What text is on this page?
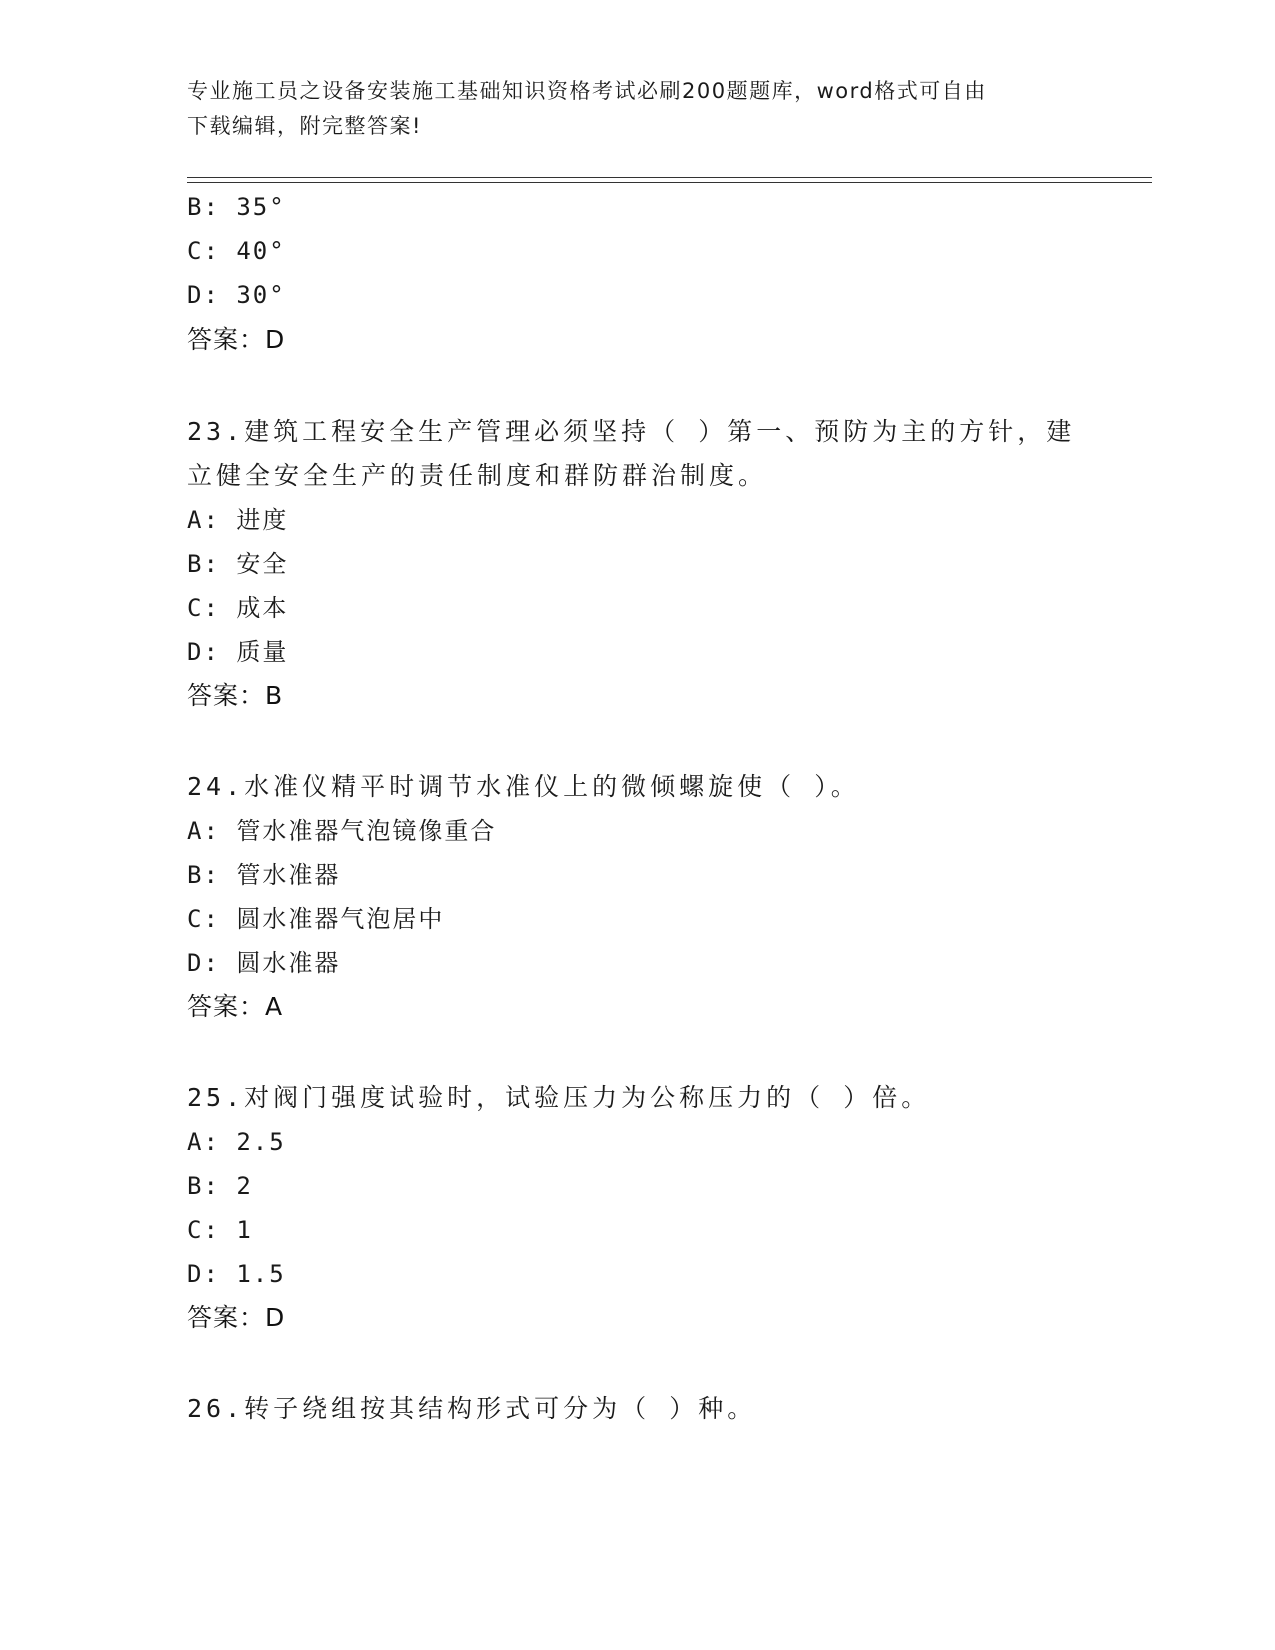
专业施工员之设备安装施工基础知识资格考试必刷200题题库，word格式可自由
下载编辑，附完整答案!
B: 35°
C: 40°
D: 30°
答案：D
23.建筑工程安全生产管理必须坚持（ ）第一、预防为主的方针，建
立健全安全生产的责任制度和群防群治制度。
A: 进度
B: 安全
C: 成本
D: 质量
答案：B
24.水准仪精平时调节水准仪上的微倾螺旋使（ ）。
A: 管水准器气泡镜像重合
B: 管水准器
C: 圆水准器气泡居中
D: 圆水准器
答案：A
25.对阀门强度试验时，试验压力为公称压力的（ ）倍。
A: 2.5
B: 2
C: 1
D: 1.5
答案：D
26.转子绕组按其结构形式可分为（ ）种。
